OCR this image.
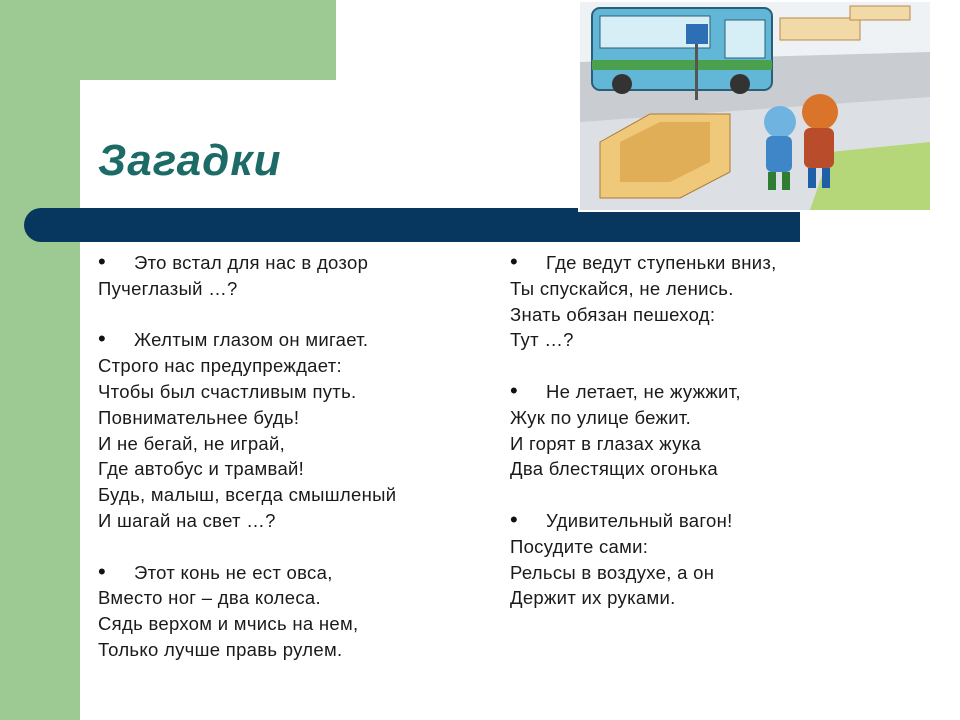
Загадки
• Это встал для нас в дозор
Пучеглазый …?
• Желтым глазом он мигает.
Строго нас предупреждает:
Чтобы был счастливым путь.
Повнимательнее будь!
И не бегай, не играй,
Где автобус и трамвай!
Будь, малыш, всегда смышленый
И шагай на свет …?
• Этот конь не ест овса,
Вместо ног – два колеса.
Сядь верхом и мчись на нем,
Только лучше правь рулем.
• Где ведут ступеньки вниз,
Ты спускайся, не ленись.
Знать обязан пешеход:
Тут …?
• Не летает, не жужжит,
Жук по улице бежит.
И горят в глазах жука
Два блестящих огонька
• Удивительный вагон!
Посудите сами:
Рельсы в воздухе, а он
Держит их руками.
